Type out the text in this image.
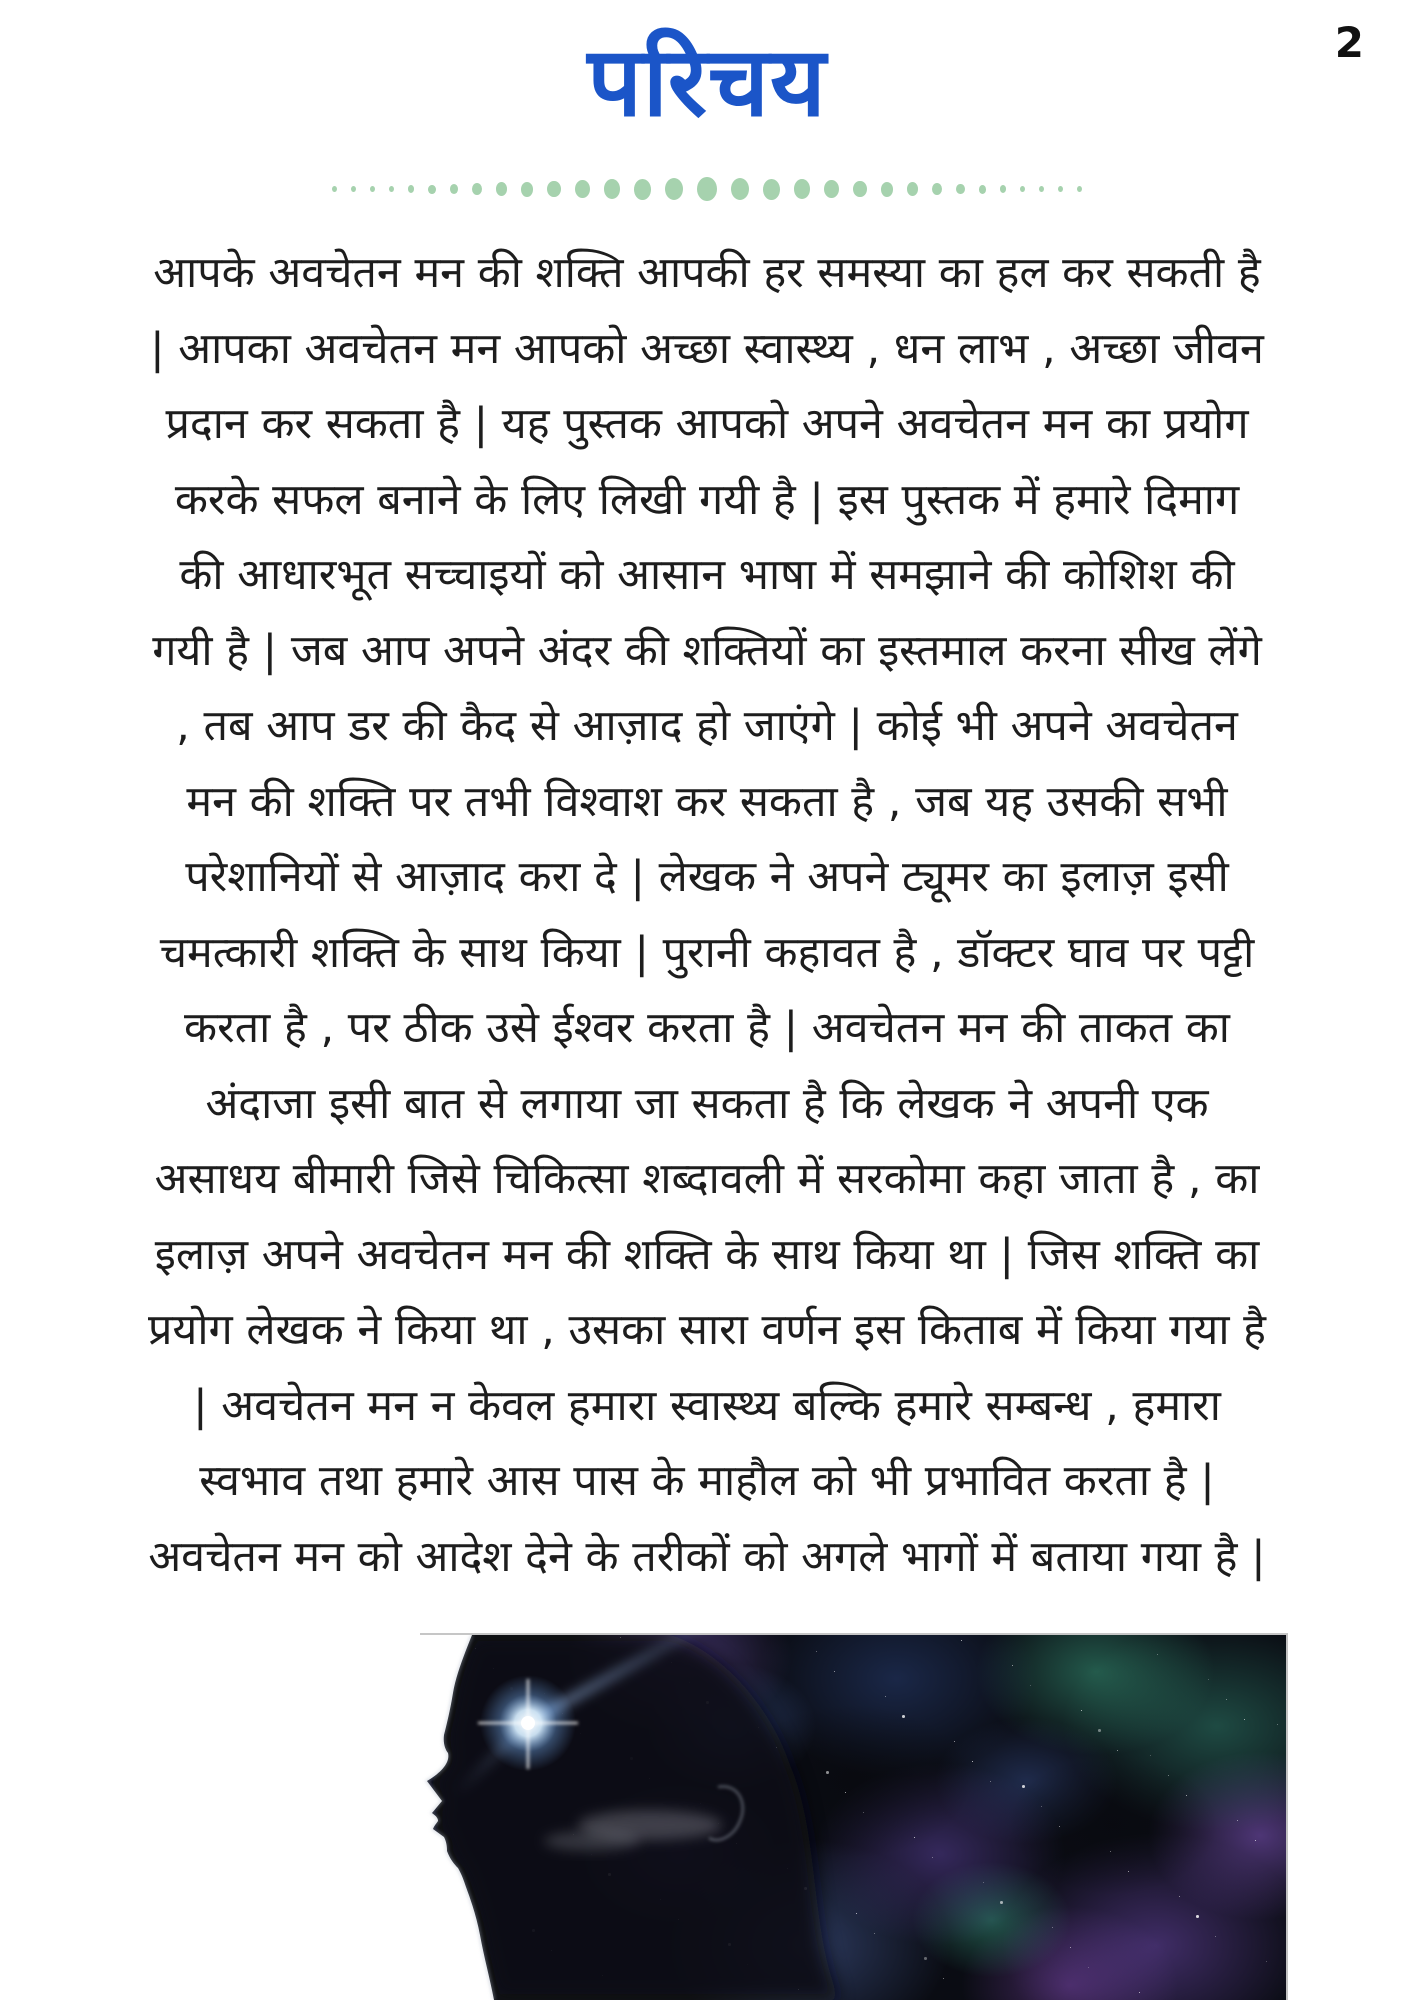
2
परिचय
आपके अवचेतन मन की शक्ति आपकी हर समस्या का हल कर सकती है
| आपका अवचेतन मन आपको अच्छा स्वास्थ्य , धन लाभ , अच्छा जीवन
प्रदान कर सकता है | यह पुस्तक आपको अपने अवचेतन मन का प्रयोग
करके सफल बनाने के लिए लिखी गयी है | इस पुस्तक में हमारे दिमाग
की आधारभूत सच्चाइयों को आसान भाषा में समझाने की कोशिश की
गयी है | जब आप अपने अंदर की शक्तियों का इस्तमाल करना सीख लेंगे
, तब आप डर की कैद से आज़ाद हो जाएंगे | कोई भी अपने अवचेतन
मन की शक्ति पर तभी विश्वाश कर सकता है , जब यह उसकी सभी
परेशानियों से आज़ाद करा दे | लेखक ने अपने ट्यूमर का इलाज़ इसी
चमत्कारी शक्ति के साथ किया | पुरानी कहावत है , डॉक्टर घाव पर पट्टी
करता है , पर ठीक उसे ईश्वर करता है | अवचेतन मन की ताकत का
अंदाजा इसी बात से लगाया जा सकता है कि लेखक ने अपनी एक
असाधय बीमारी जिसे चिकित्सा शब्दावली में सरकोमा कहा जाता है , का
इलाज़ अपने अवचेतन मन की शक्ति के साथ किया था | जिस शक्ति का
प्रयोग लेखक ने किया था , उसका सारा वर्णन इस किताब में किया गया है
| अवचेतन मन न केवल हमारा स्वास्थ्य बल्कि हमारे सम्बन्ध , हमारा
स्वभाव तथा हमारे आस पास के माहौल को भी प्रभावित करता है |
अवचेतन मन को आदेश देने के तरीकों को अगले भागों में बताया गया है |
